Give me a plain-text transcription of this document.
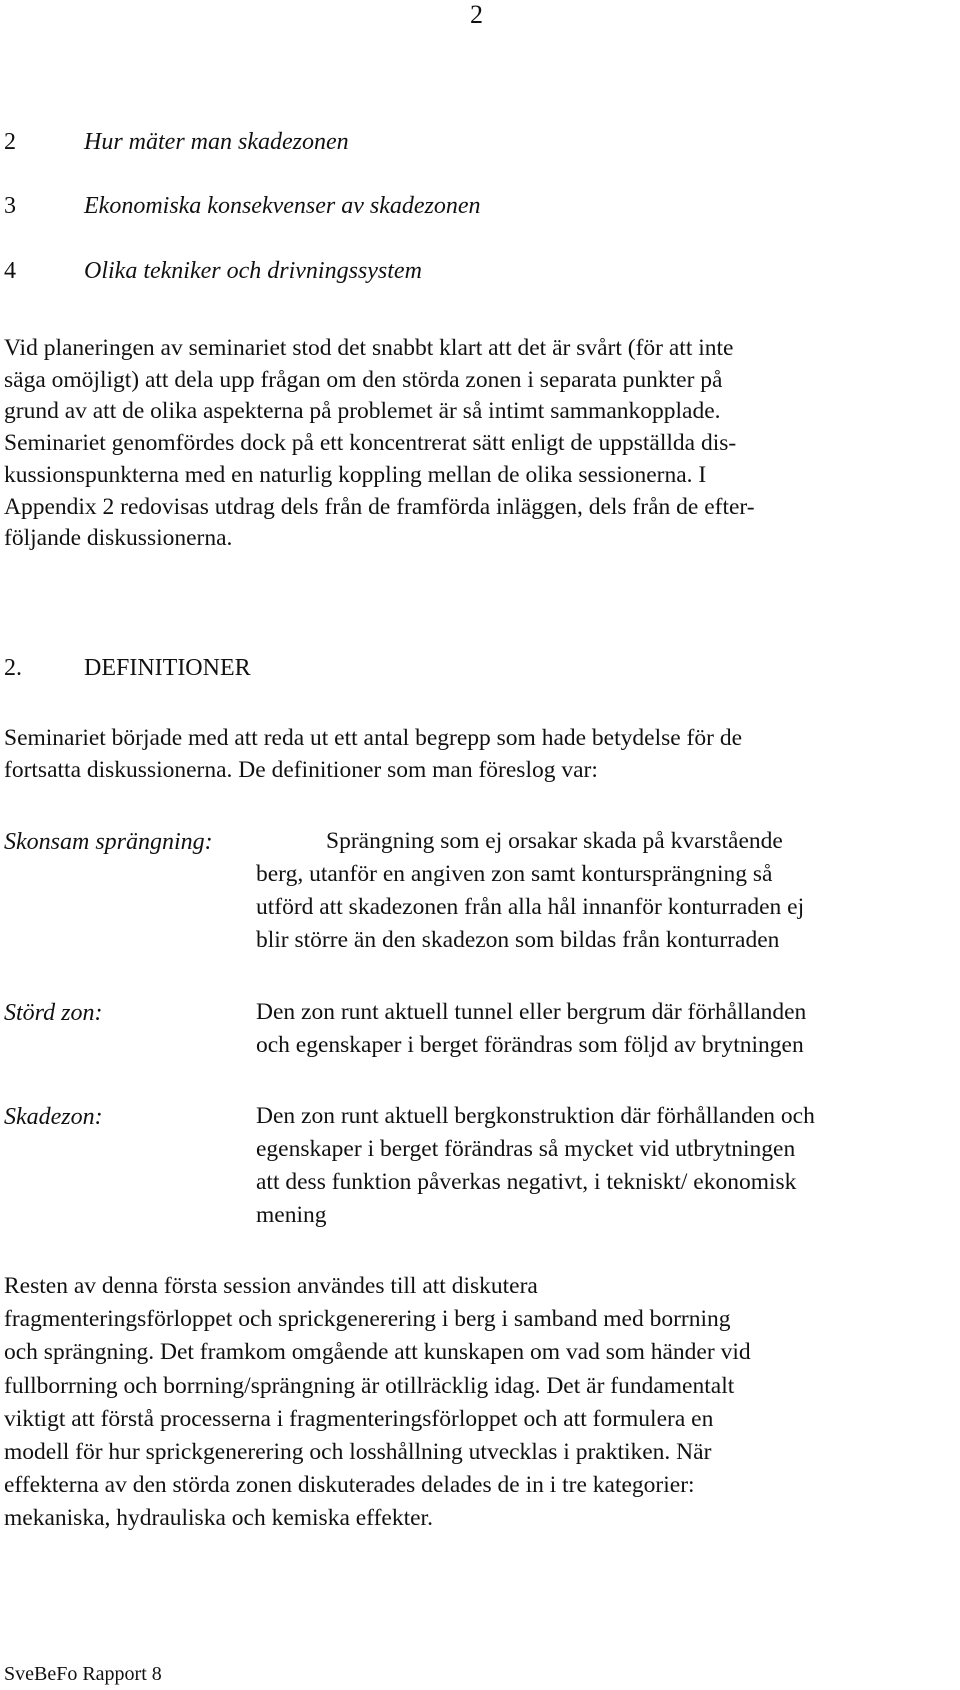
2
2	Hur mäter man skadezonen
3	Ekonomiska konsekvenser av skadezonen
4	Olika tekniker och drivningssystem

Vid planeringen av seminariet stod det snabbt klart att det är svårt (för att inte
säga omöjligt) att dela upp frågan om den störda zonen i separata punkter på
grund av att de olika aspekterna på problemet är så intimt sammankopplade.
Seminariet genomfördes dock på ett koncentrerat sätt enligt de uppställda dis-
kussionspunkterna med en naturlig koppling mellan de olika sessionerna. I
Appendix 2 redovisas utdrag dels från de framförda inläggen, dels från de efter-
följande diskussionerna.

2.	DEFINITIONER

Seminariet började med att reda ut ett antal begrepp som hade betydelse för de
fortsatta diskussionerna. De definitioner som man föreslog var:

Skonsam sprängning:	Sprängning som ej orsakar skada på kvarstående
berg, utanför en angiven zon samt kontursprängning så
utförd att skadezonen från alla hål innanför konturraden ej
blir större än den skadezon som bildas från konturraden

Störd zon:	Den zon runt aktuell tunnel eller bergrum där förhållanden
och egenskaper i berget förändras som följd av brytningen

Skadezon:	Den zon runt aktuell bergkonstruktion där förhållanden och
egenskaper i berget förändras så mycket vid utbrytningen
att dess funktion påverkas negativt, i tekniskt/ ekonomisk
mening

Resten av denna första session användes till att diskutera
fragmenteringsförloppet och sprickgenerering i berg i samband med borrning
och sprängning. Det framkom omgående att kunskapen om vad som händer vid
fullborrning och borrning/sprängning är otillräcklig idag. Det är fundamentalt
viktigt att förstå processerna i fragmenteringsförloppet och att formulera en
modell för hur sprickgenerering och losshållning utvecklas i praktiken. När
effekterna av den störda zonen diskuterades delades de in i tre kategorier:
mekaniska, hydrauliska och kemiska effekter.

SveBeFo Rapport 8
